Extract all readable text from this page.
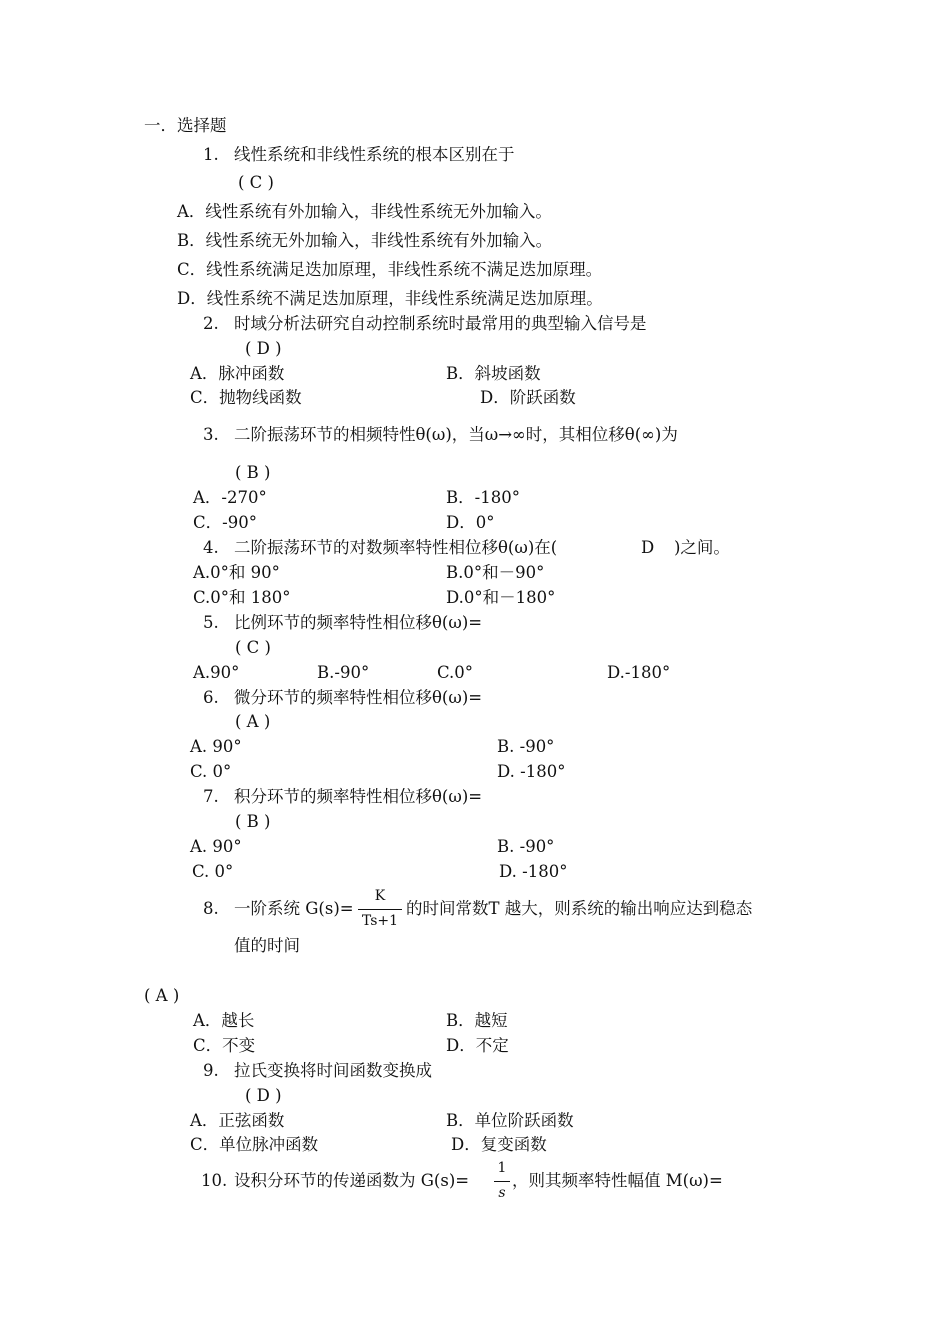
一．选择题
1. 线性系统和非线性系统的根本区别在于
( C )
A．线性系统有外加输入，非线性系统无外加输入。
B．线性系统无外加输入，非线性系统有外加输入。
C．线性系统满足迭加原理，非线性系统不满足迭加原理。
D．线性系统不满足迭加原理，非线性系统满足迭加原理。
2. 时域分析法研究自动控制系统时最常用的典型输入信号是
( D )
A．脉冲函数	B．斜坡函数
C．抛物线函数	D．阶跃函数
3. 二阶振荡环节的相频特性θ(ω)，当ω→∞时，其相位移θ(∞)为
( B )
A．-270°	B．-180°
C．-90°	D．0°
4. 二阶振荡环节的对数频率特性相位移θ(ω)在(	D )之间。
A.0°和 90°	B.0°和－90°
C.0°和 180°	D.0°和－180°
5. 比例环节的频率特性相位移θ(ω)=
( C )
A.90°	B.-90°	C.0°	D.-180°
6. 微分环节的频率特性相位移θ(ω)=
( A )
A. 90°	B. -90°
C. 0°	D. -180°
7. 积分环节的频率特性相位移θ(ω)=
( B )
A. 90°	B. -90°
C. 0°	D. -180°
8. 一阶系统 G(s)=
K
Ts+1
的时间常数T 越大，则系统的输出响应达到稳态
值的时间
( A )
A．越长	B．越短
C．不变	D．不定
9. 拉氏变换将时间函数变换成
( D )
A．正弦函数	B．单位阶跃函数
C．单位脉冲函数	D．复变函数
10. 设积分环节的传递函数为 G(s)=
1
s
，则其频率特性幅值 M(ω)=
